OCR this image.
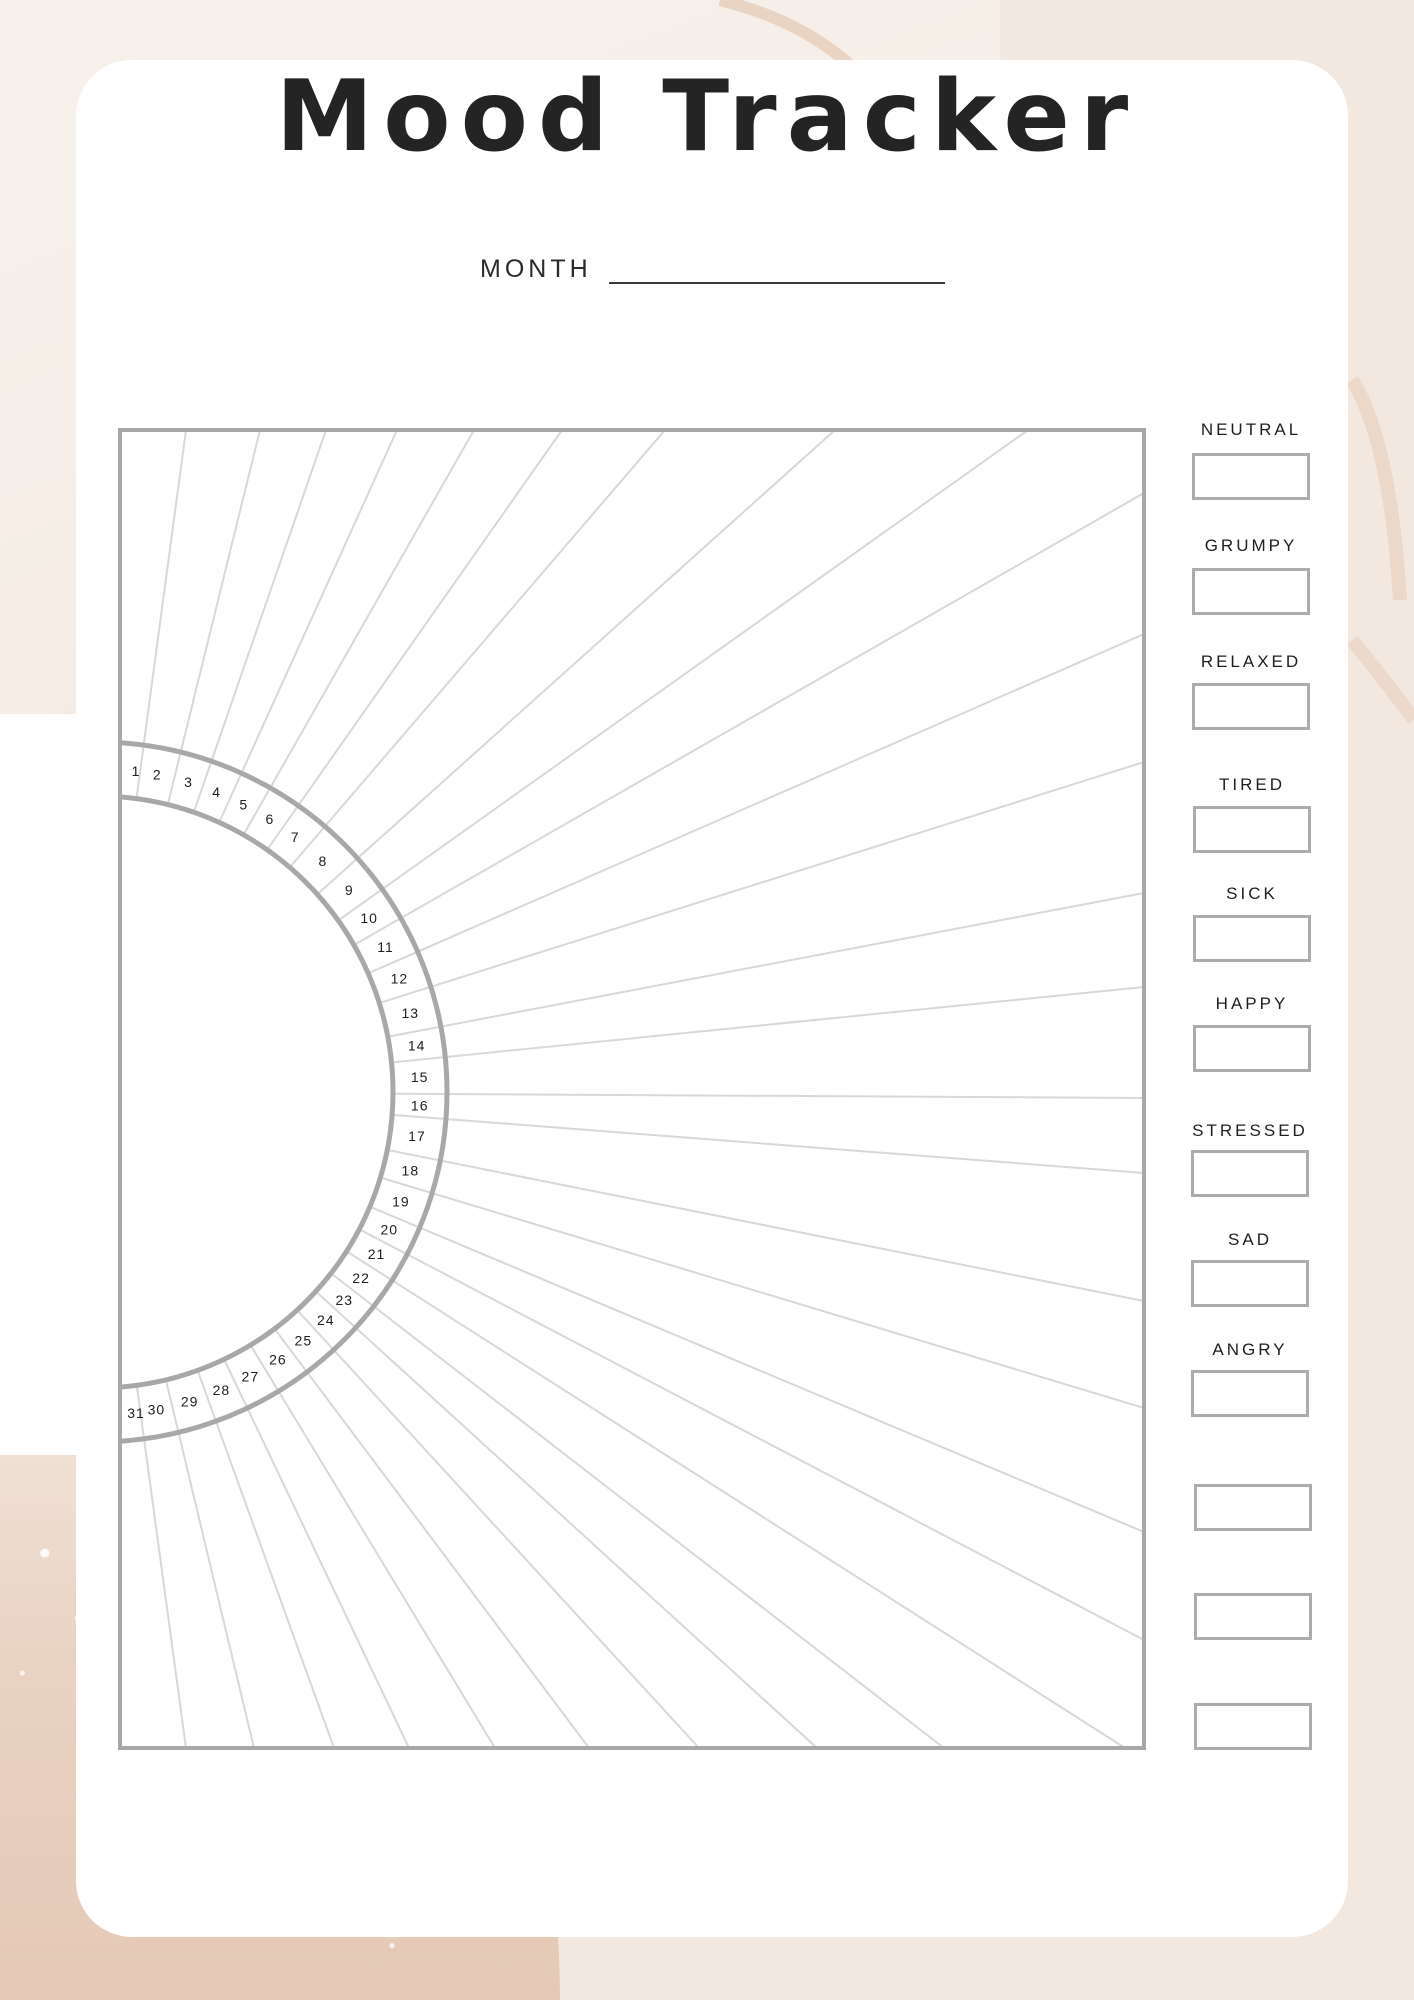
Mood Tracker
MONTH
1 2 3
4
5
6
7
8
9
10
11
12
13
14
15
16
17
18
19
20
21
22
23
24
25
26
27
28
29
30
31
NEUTRAL
GRUMPY
RELAXED
TIRED
SICK
HAPPY
STRESSED
SAD
ANGRY
